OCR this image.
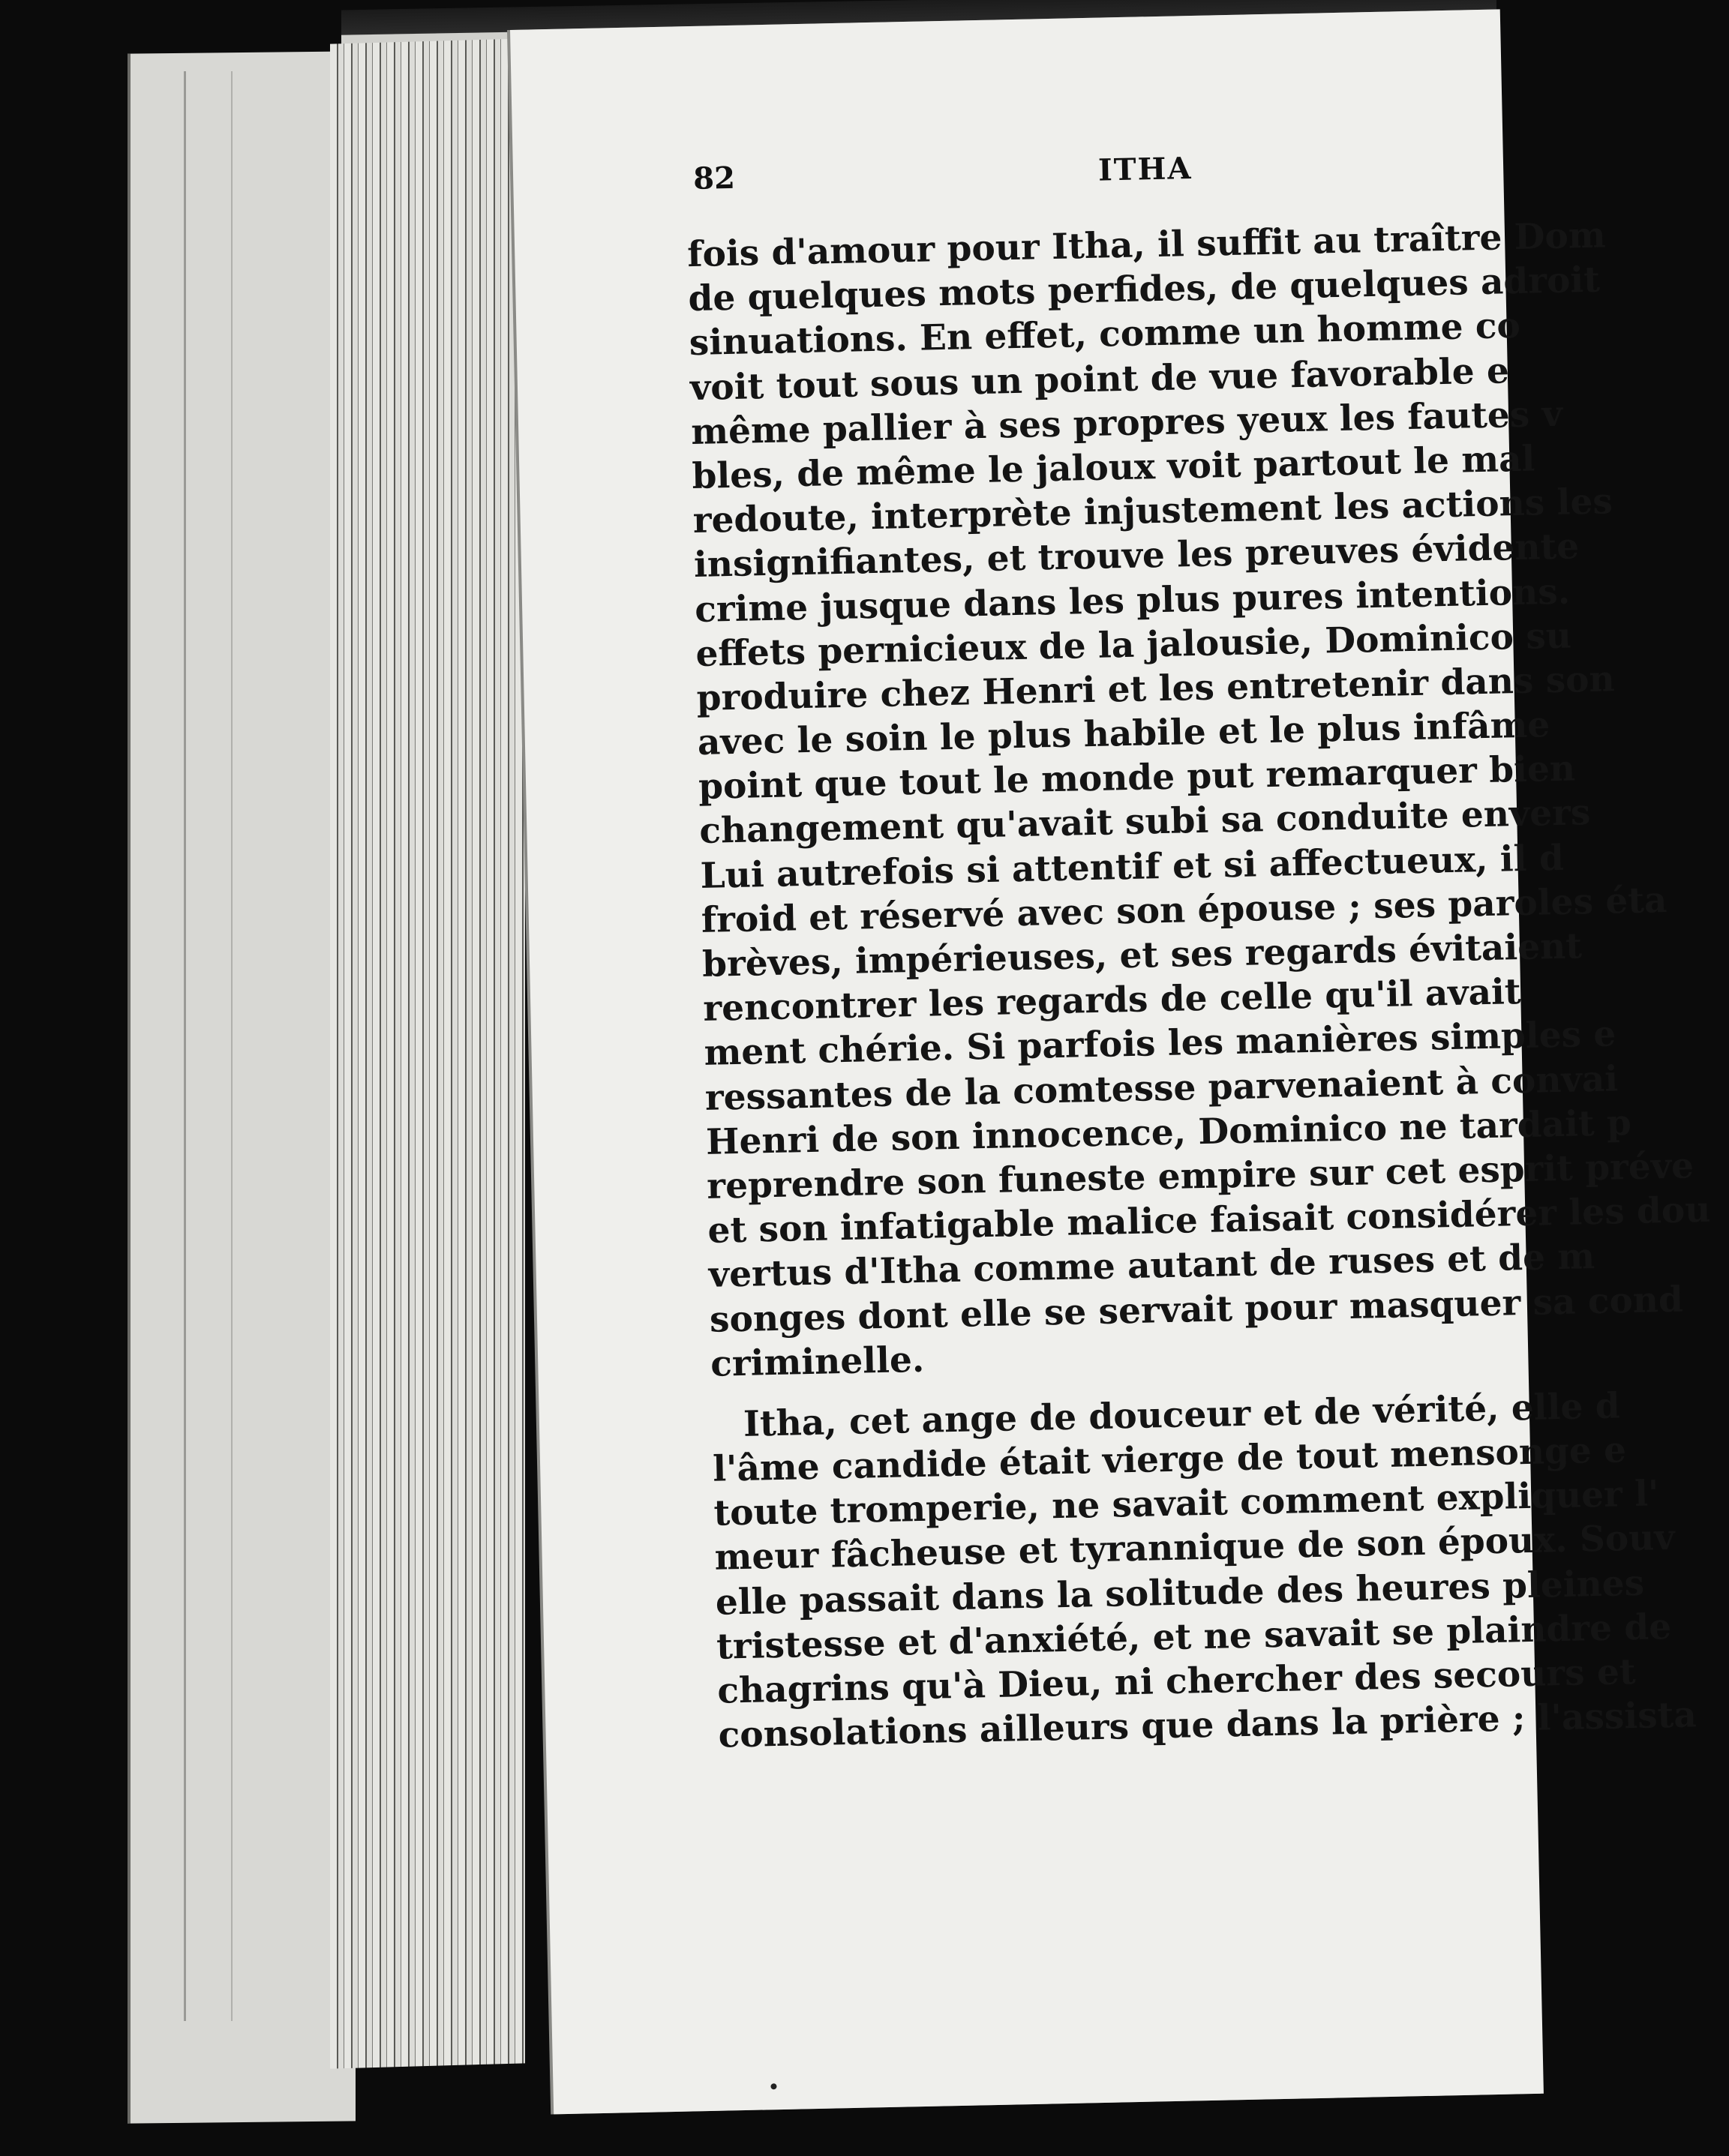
82	ITHA
fois d'amour pour Itha, il suffit au traître Dom
de quelques mots perfides, de quelques adroit
sinuations. En effet, comme un homme co
voit tout sous un point de vue favorable e
même pallier à ses propres yeux les fautes v
bles, de même le jaloux voit partout le mal
redoute, interprète injustement les actions les
insignifiantes, et trouve les preuves évidente
crime jusque dans les plus pures intentions.
effets pernicieux de la jalousie, Dominico su
produire chez Henri et les entretenir dans son
avec le soin le plus habile et le plus infâme
point que tout le monde put remarquer bien
changement qu'avait subi sa conduite envers
Lui autrefois si attentif et si affectueux, il d
froid et réservé avec son épouse ; ses paroles éta
brèves, impérieuses, et ses regards évitaient
rencontrer les regards de celle qu'il avait
ment chérie. Si parfois les manières simples e
ressantes de la comtesse parvenaient à convai
Henri de son innocence, Dominico ne tardait p
reprendre son funeste empire sur cet esprit préve
et son infatigable malice faisait considérer les dou
vertus d'Itha comme autant de ruses et de m
songes dont elle se servait pour masquer sa cond
criminelle.
Itha, cet ange de douceur et de vérité, elle d
l'âme candide était vierge de tout mensonge e
toute tromperie, ne savait comment expliquer l'
meur fâcheuse et tyrannique de son époux. Souv
elle passait dans la solitude des heures pleines
tristesse et d'anxiété, et ne savait se plaindre de
chagrins qu'à Dieu, ni chercher des secours et
consolations ailleurs que dans la prière ; l'assista
